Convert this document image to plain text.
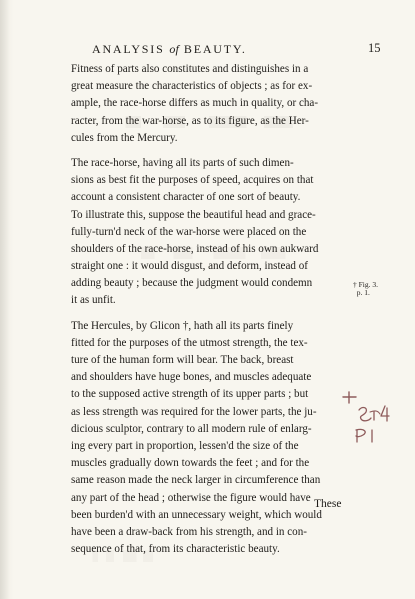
ANALYSIS of BEAUTY.	15
Fitness of parts also constitutes and distinguishes in a
great measure the characteristics of objects ; as for ex-
ample, the race-horse differs as much in quality, or cha-
racter, from the war-horse, as to its figure, as the Her-
cules from the Mercury.
The race-horse, having all its parts of such dimen-
sions as best fit the purposes of speed, acquires on that
account a consistent character of one sort of beauty.
To illustrate this, suppose the beautiful head and grace-
fully-turn'd neck of the war-horse were placed on the
shoulders of the race-horse, instead of his own aukward
straight one : it would disgust, and deform, instead of
adding beauty ; because the judgment would condemn
it as unfit.
The Hercules, by Glicon †, hath all its parts finely
fitted for the purposes of the utmost strength, the tex-
ture of the human form will bear. The back, breast
and shoulders have huge bones, and muscles adequate
to the supposed active strength of its upper parts ; but
as less strength was required for the lower parts, the ju-
dicious sculptor, contrary to all modern rule of enlarg-
ing every part in proportion, lessen'd the size of the
muscles gradually down towards the feet ; and for the
same reason made the neck larger in circumference than
any part of the head ; otherwise the figure would have
been burden'd with an unnecessary weight, which would
have been a draw-back from his strength, and in con-
sequence of that, from its characteristic beauty.
† Fig. 3.
p. 1.
These
